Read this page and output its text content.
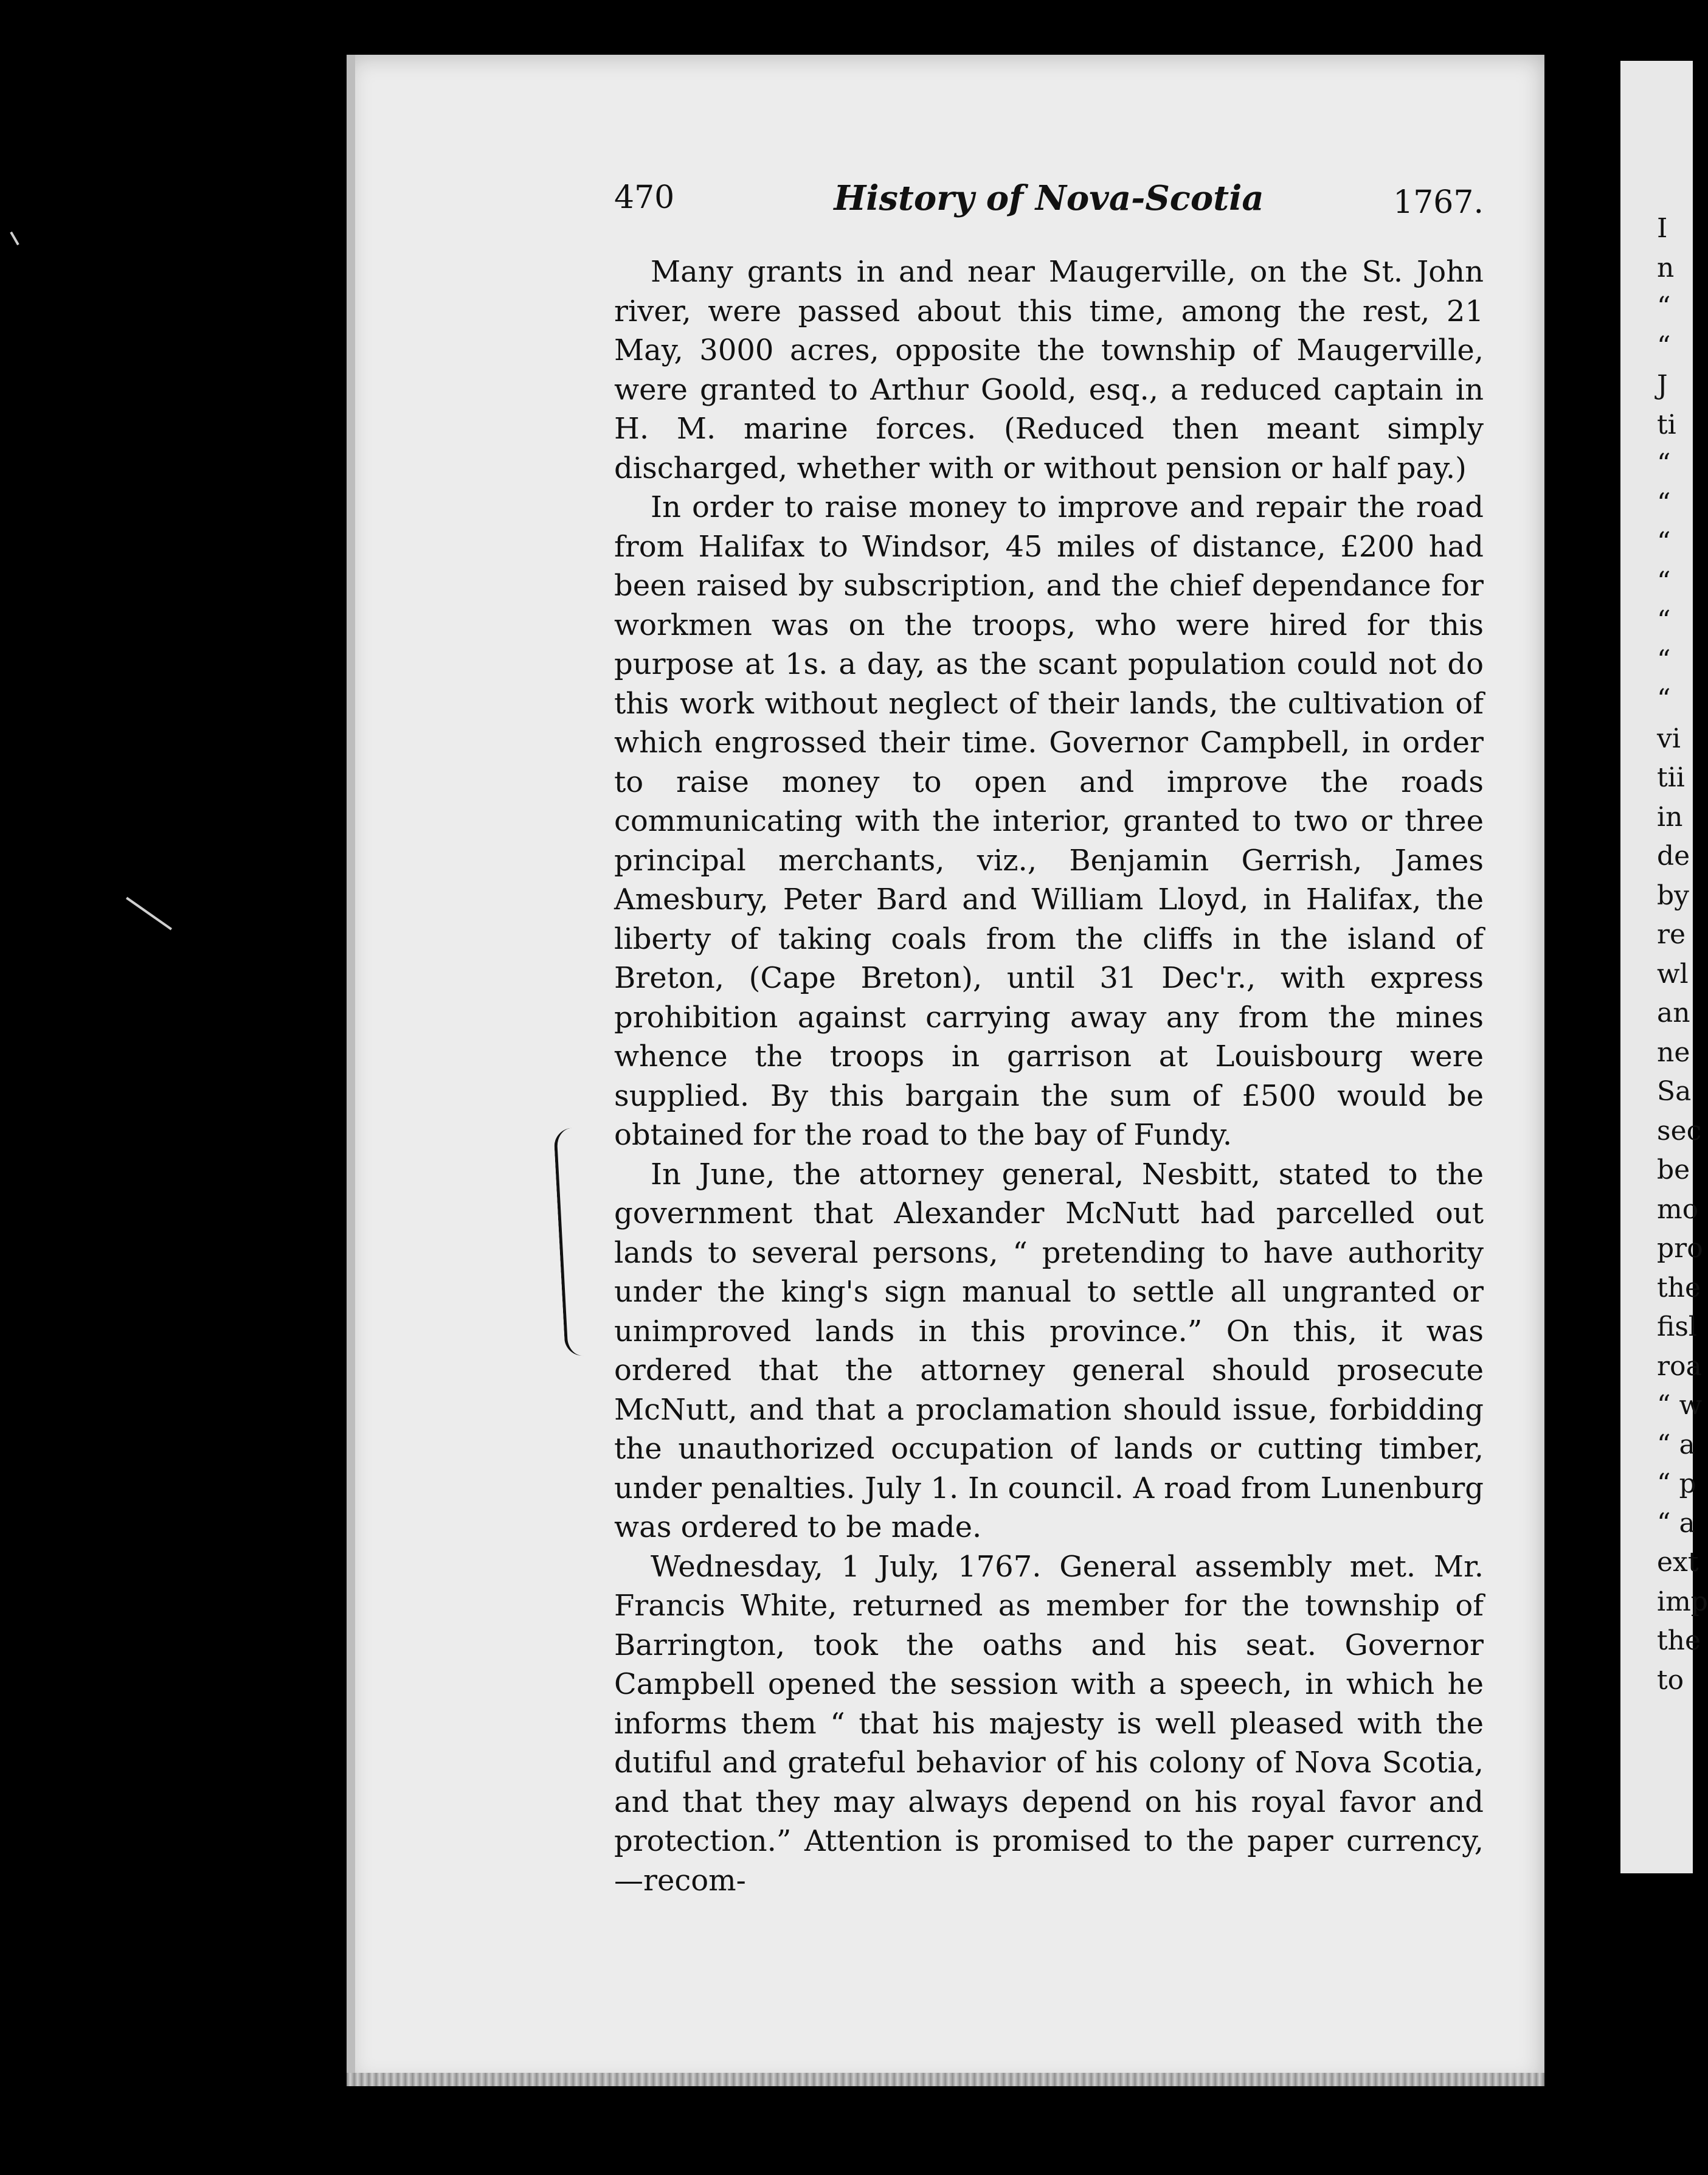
470	History of Nova-Scotia	1767.

Many grants in and near Maugerville, on the St. John river, were passed about this time, among the rest, 21 May, 3000 acres, opposite the township of Maugerville, were granted to Arthur Goold, esq., a reduced captain in H. M. marine forces. (Reduced then meant simply discharged, whether with or without pension or half pay.)

In order to raise money to improve and repair the road from Halifax to Windsor, 45 miles of distance, £200 had been raised by subscription, and the chief dependance for workmen was on the troops, who were hired for this purpose at 1s. a day, as the scant population could not do this work without neglect of their lands, the cultivation of which engrossed their time. Governor Campbell, in order to raise money to open and improve the roads communicating with the interior, granted to two or three principal merchants, viz., Benjamin Gerrish, James Amesbury, Peter Bard and William Lloyd, in Halifax, the liberty of taking coals from the cliffs in the island of Breton, (Cape Breton), until 31 Dec'r., with express prohibition against carrying away any from the mines whence the troops in garrison at Louisbourg were supplied. By this bargain the sum of £500 would be obtained for the road to the bay of Fundy.

In June, the attorney general, Nesbitt, stated to the government that Alexander McNutt had parcelled out lands to several persons, “ pretending to have authority under the king's sign manual to settle all ungranted or unimproved lands in this province.” On this, it was ordered that the attorney general should prosecute McNutt, and that a proclamation should issue, forbidding the unauthorized occupation of lands or cutting timber, under penalties. July 1. In council. A road from Lunenburg was ordered to be made.

Wednesday, 1 July, 1767. General assembly met. Mr. Francis White, returned as member for the township of Barrington, took the oaths and his seat. Governor Campbell opened the session with a speech, in which he informs them “ that his majesty is well pleased with the dutiful and grateful behavior of his colony of Nova Scotia, and that they may always depend on his royal favor and protection.” Attention is promised to the paper currency,—recom-

I
n
“
“
J
ti
“
“
“
“
“
“
“
vi
tii
in
de
by
re
wl
an
ne
Sa
sec
be
mo
pro
the
fisl
roa
“ w
“ a
“ p
“ a
ext
imp
the
to
